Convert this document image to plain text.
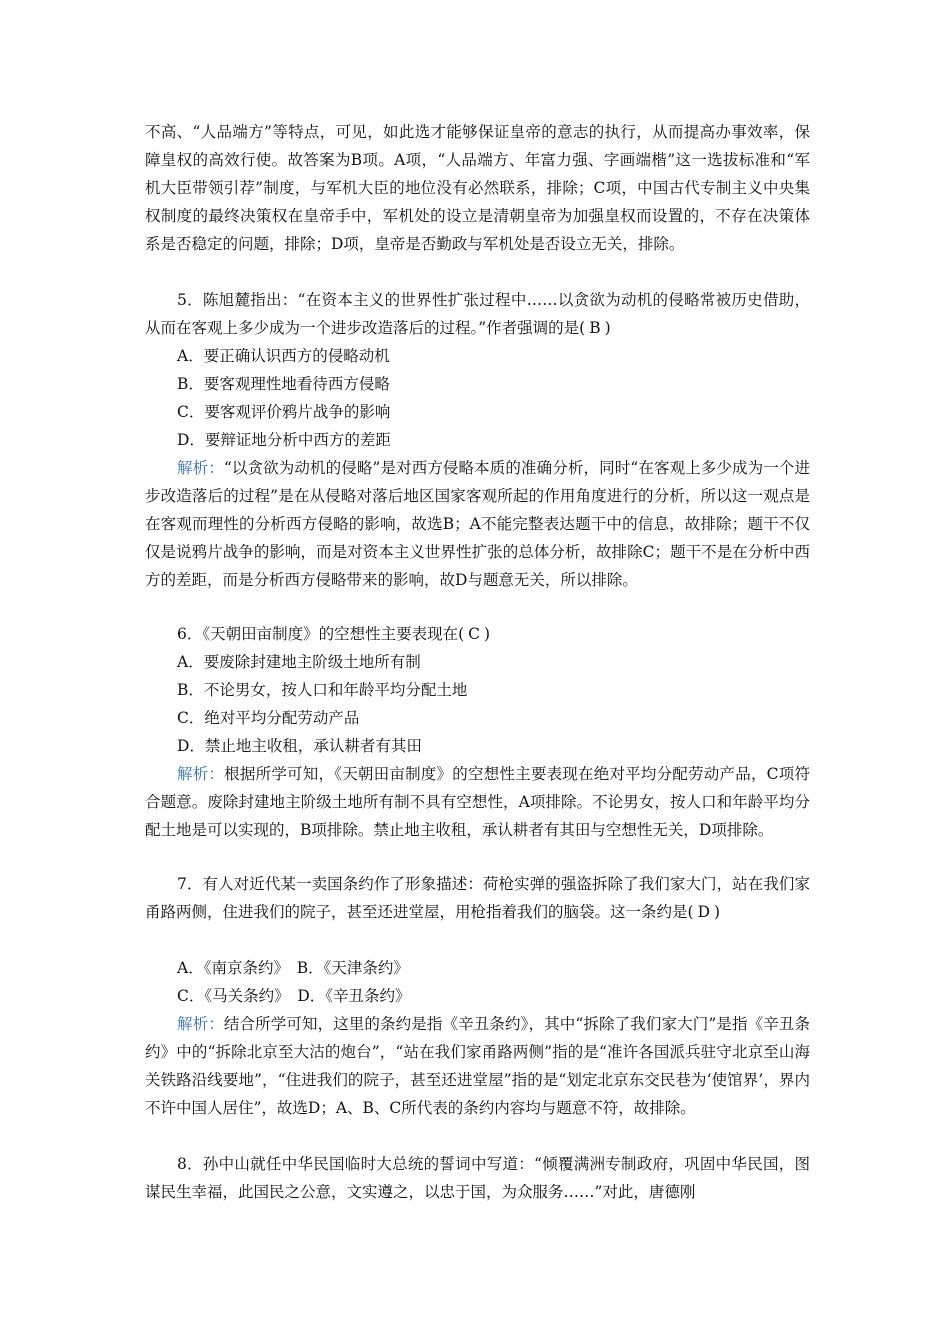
不高、“人品端方”等特点，可见，如此选才能够保证皇帝的意志的执行，从而提高办事效率，保障皇权的高效行使。故答案为B项。A项，“人品端方、年富力强、字画端楷”这一选拔标准和“军机大臣带领引荐”制度，与军机大臣的地位没有必然联系，排除；C项，中国古代专制主义中央集权制度的最终决策权在皇帝手中，军机处的设立是清朝皇帝为加强皇权而设置的，不存在决策体系是否稳定的问题，排除；D项，皇帝是否勤政与军机处是否设立无关，排除。

5．陈旭麓指出：“在资本主义的世界性扩张过程中……以贪欲为动机的侵略常被历史借助，从而在客观上多少成为一个进步改造落后的过程。”作者强调的是( B )

A．要正确认识西方的侵略动机

B．要客观理性地看待西方侵略

C．要客观评价鸦片战争的影响

D．要辩证地分析中西方的差距

解析：“以贪欲为动机的侵略”是对西方侵略本质的准确分析，同时“在客观上多少成为一个进步改造落后的过程”是在从侵略对落后地区国家客观所起的作用角度进行的分析，所以这一观点是在客观而理性的分析西方侵略的影响，故选B；A不能完整表达题干中的信息，故排除；题干不仅仅是说鸦片战争的影响，而是对资本主义世界性扩张的总体分析，故排除C；题干不是在分析中西方的差距，而是分析西方侵略带来的影响，故D与题意无关，所以排除。

6．《天朝田亩制度》的空想性主要表现在( C )

A．要废除封建地主阶级土地所有制

B．不论男女，按人口和年龄平均分配土地

C．绝对平均分配劳动产品

D．禁止地主收租，承认耕者有其田

解析：根据所学可知，《天朝田亩制度》的空想性主要表现在绝对平均分配劳动产品，C项符合题意。废除封建地主阶级土地所有制不具有空想性，A项排除。不论男女，按人口和年龄平均分配土地是可以实现的，B项排除。禁止地主收租，承认耕者有其田与空想性无关，D项排除。

7．有人对近代某一卖国条约作了形象描述：荷枪实弹的强盗拆除了我们家大门，站在我们家甬路两侧，住进我们的院子，甚至还进堂屋，用枪指着我们的脑袋。这一条约是( D )

A．《南京条约》　B．《天津条约》

C．《马关条约》　D．《辛丑条约》

解析：结合所学可知，这里的条约是指《辛丑条约》，其中“拆除了我们家大门”是指《辛丑条约》中的“拆除北京至大沽的炮台”，“站在我们家甬路两侧”指的是“准许各国派兵驻守北京至山海关铁路沿线要地”，“住进我们的院子，甚至还进堂屋”指的是“划定北京东交民巷为‘使馆界’，界内不许中国人居住”，故选D；A、B、C所代表的条约内容均与题意不符，故排除。

8．孙中山就任中华民国临时大总统的誓词中写道：“倾覆满洲专制政府，巩固中华民国，图谋民生幸福，此国民之公意，文实遵之，以忠于国，为众服务……”对此，唐德刚
